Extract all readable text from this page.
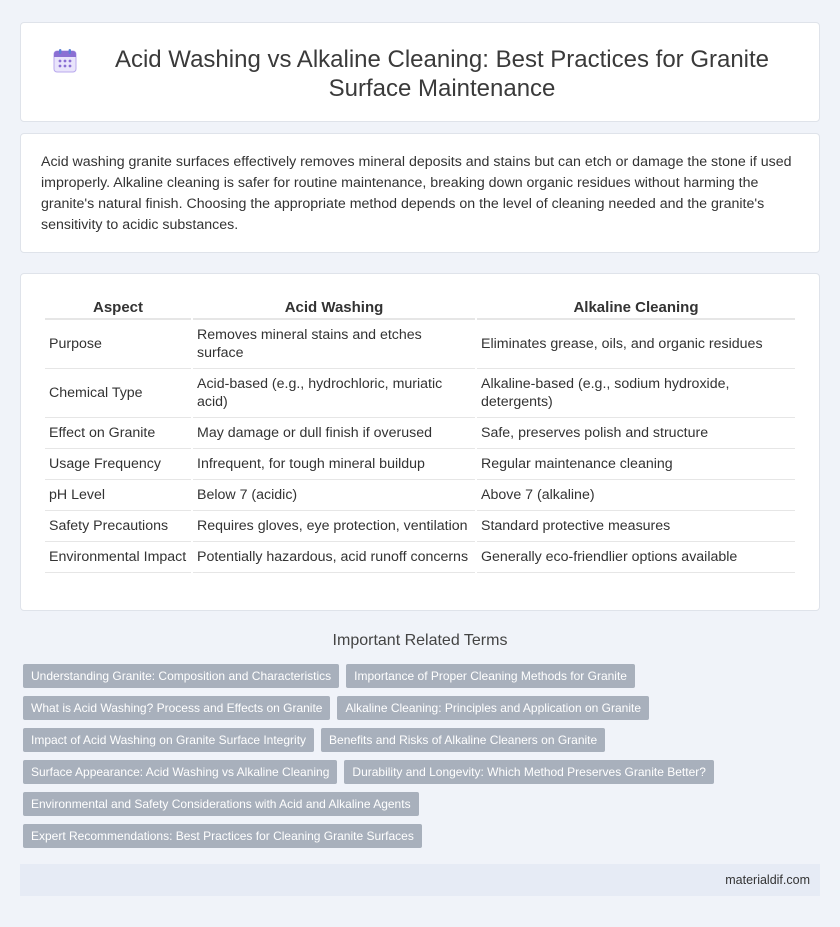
Acid Washing vs Alkaline Cleaning: Best Practices for Granite Surface Maintenance

Acid washing granite surfaces effectively removes mineral deposits and stains but can etch or damage the stone if used improperly. Alkaline cleaning is safer for routine maintenance, breaking down organic residues without harming the granite's natural finish. Choosing the appropriate method depends on the level of cleaning needed and the granite's sensitivity to acidic substances.

Aspect	Acid Washing	Alkaline Cleaning
Purpose	Removes mineral stains and etches surface	Eliminates grease, oils, and organic residues
Chemical Type	Acid-based (e.g., hydrochloric, muriatic acid)	Alkaline-based (e.g., sodium hydroxide, detergents)
Effect on Granite	May damage or dull finish if overused	Safe, preserves polish and structure
Usage Frequency	Infrequent, for tough mineral buildup	Regular maintenance cleaning
pH Level	Below 7 (acidic)	Above 7 (alkaline)
Safety Precautions	Requires gloves, eye protection, ventilation	Standard protective measures
Environmental Impact	Potentially hazardous, acid runoff concerns	Generally eco-friendlier options available
Important Related Terms
Understanding Granite: Composition and Characteristics	Importance of Proper Cleaning Methods for Granite
What is Acid Washing? Process and Effects on Granite	Alkaline Cleaning: Principles and Application on Granite
Impact of Acid Washing on Granite Surface Integrity	Benefits and Risks of Alkaline Cleaners on Granite
Surface Appearance: Acid Washing vs Alkaline Cleaning	Durability and Longevity: Which Method Preserves Granite Better?
Environmental and Safety Considerations with Acid and Alkaline Agents
Expert Recommendations: Best Practices for Cleaning Granite Surfaces
materialdif.com
